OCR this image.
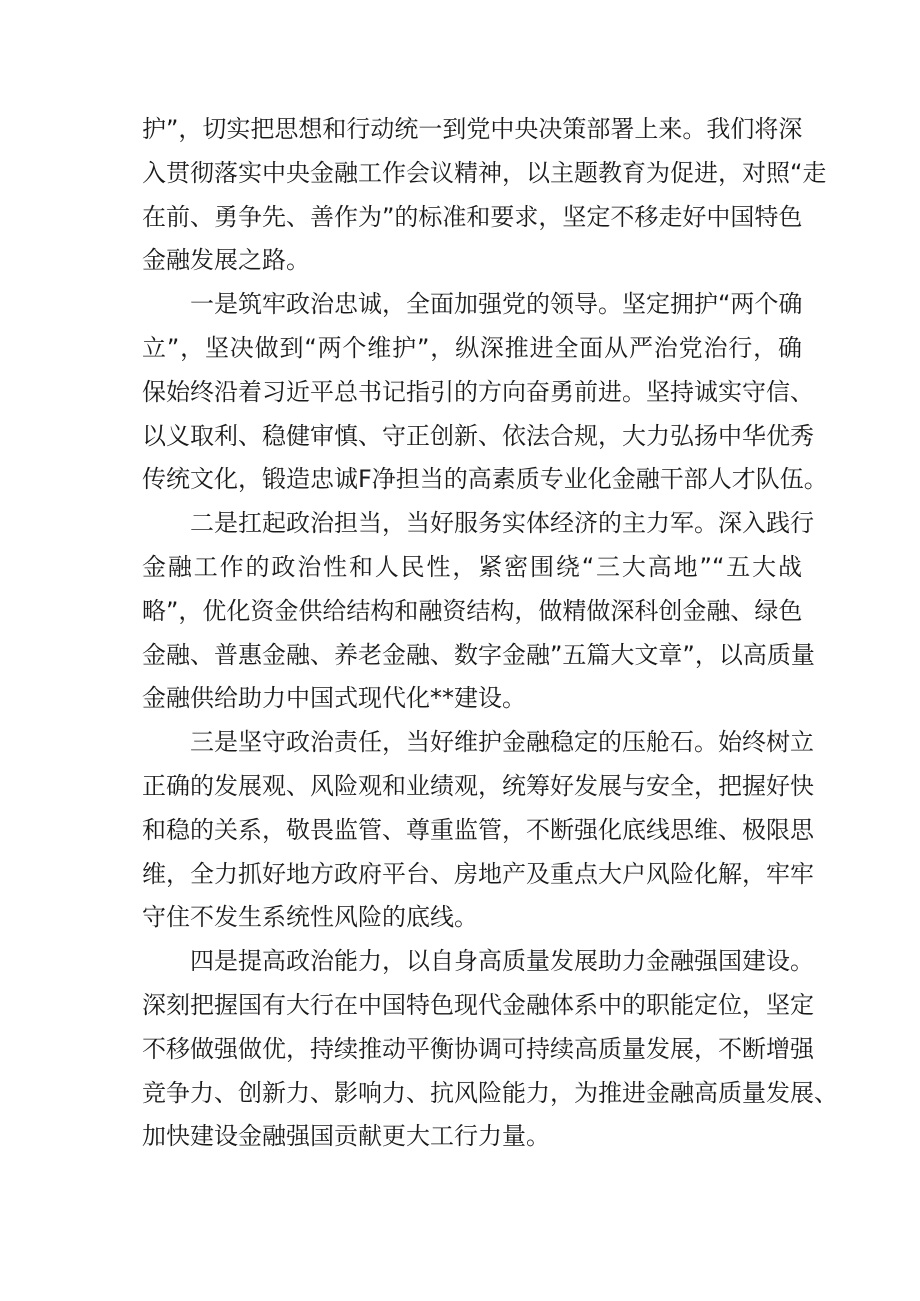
护”，切实把思想和行动统一到党中央决策部署上来。我们将深
入贯彻落实中央金融工作会议精神，以主题教育为促进，对照“走
在前、勇争先、善作为”的标准和要求，坚定不移走好中国特色
金融发展之路。
一是筑牢政治忠诚，全面加强党的领导。坚定拥护“两个确
立”，坚决做到“两个维护”，纵深推进全面从严治党治行，确
保始终沿着习近平总书记指引的方向奋勇前进。坚持诚实守信、
以义取利、稳健审慎、守正创新、依法合规，大力弘扬中华优秀
传统文化，锻造忠诚F净担当的高素质专业化金融干部人才队伍。
二是扛起政治担当，当好服务实体经济的主力军。深入践行
金融工作的政治性和人民性，紧密围绕“三大高地”“五大战
略”，优化资金供给结构和融资结构，做精做深科创金融、绿色
金融、普惠金融、养老金融、数字金融”五篇大文章”，以高质量
金融供给助力中国式现代化**建设。
三是坚守政治责任，当好维护金融稳定的压舱石。始终树立
正确的发展观、风险观和业绩观，统筹好发展与安全，把握好快
和稳的关系，敬畏监管、尊重监管，不断强化底线思维、极限思
维，全力抓好地方政府平台、房地产及重点大户风险化解，牢牢
守住不发生系统性风险的底线。
四是提高政治能力，以自身高质量发展助力金融强国建设。
深刻把握国有大行在中国特色现代金融体系中的职能定位，坚定
不移做强做优，持续推动平衡协调可持续高质量发展，不断增强
竞争力、创新力、影响力、抗风险能力，为推进金融高质量发展、
加快建设金融强国贡献更大工行力量。
